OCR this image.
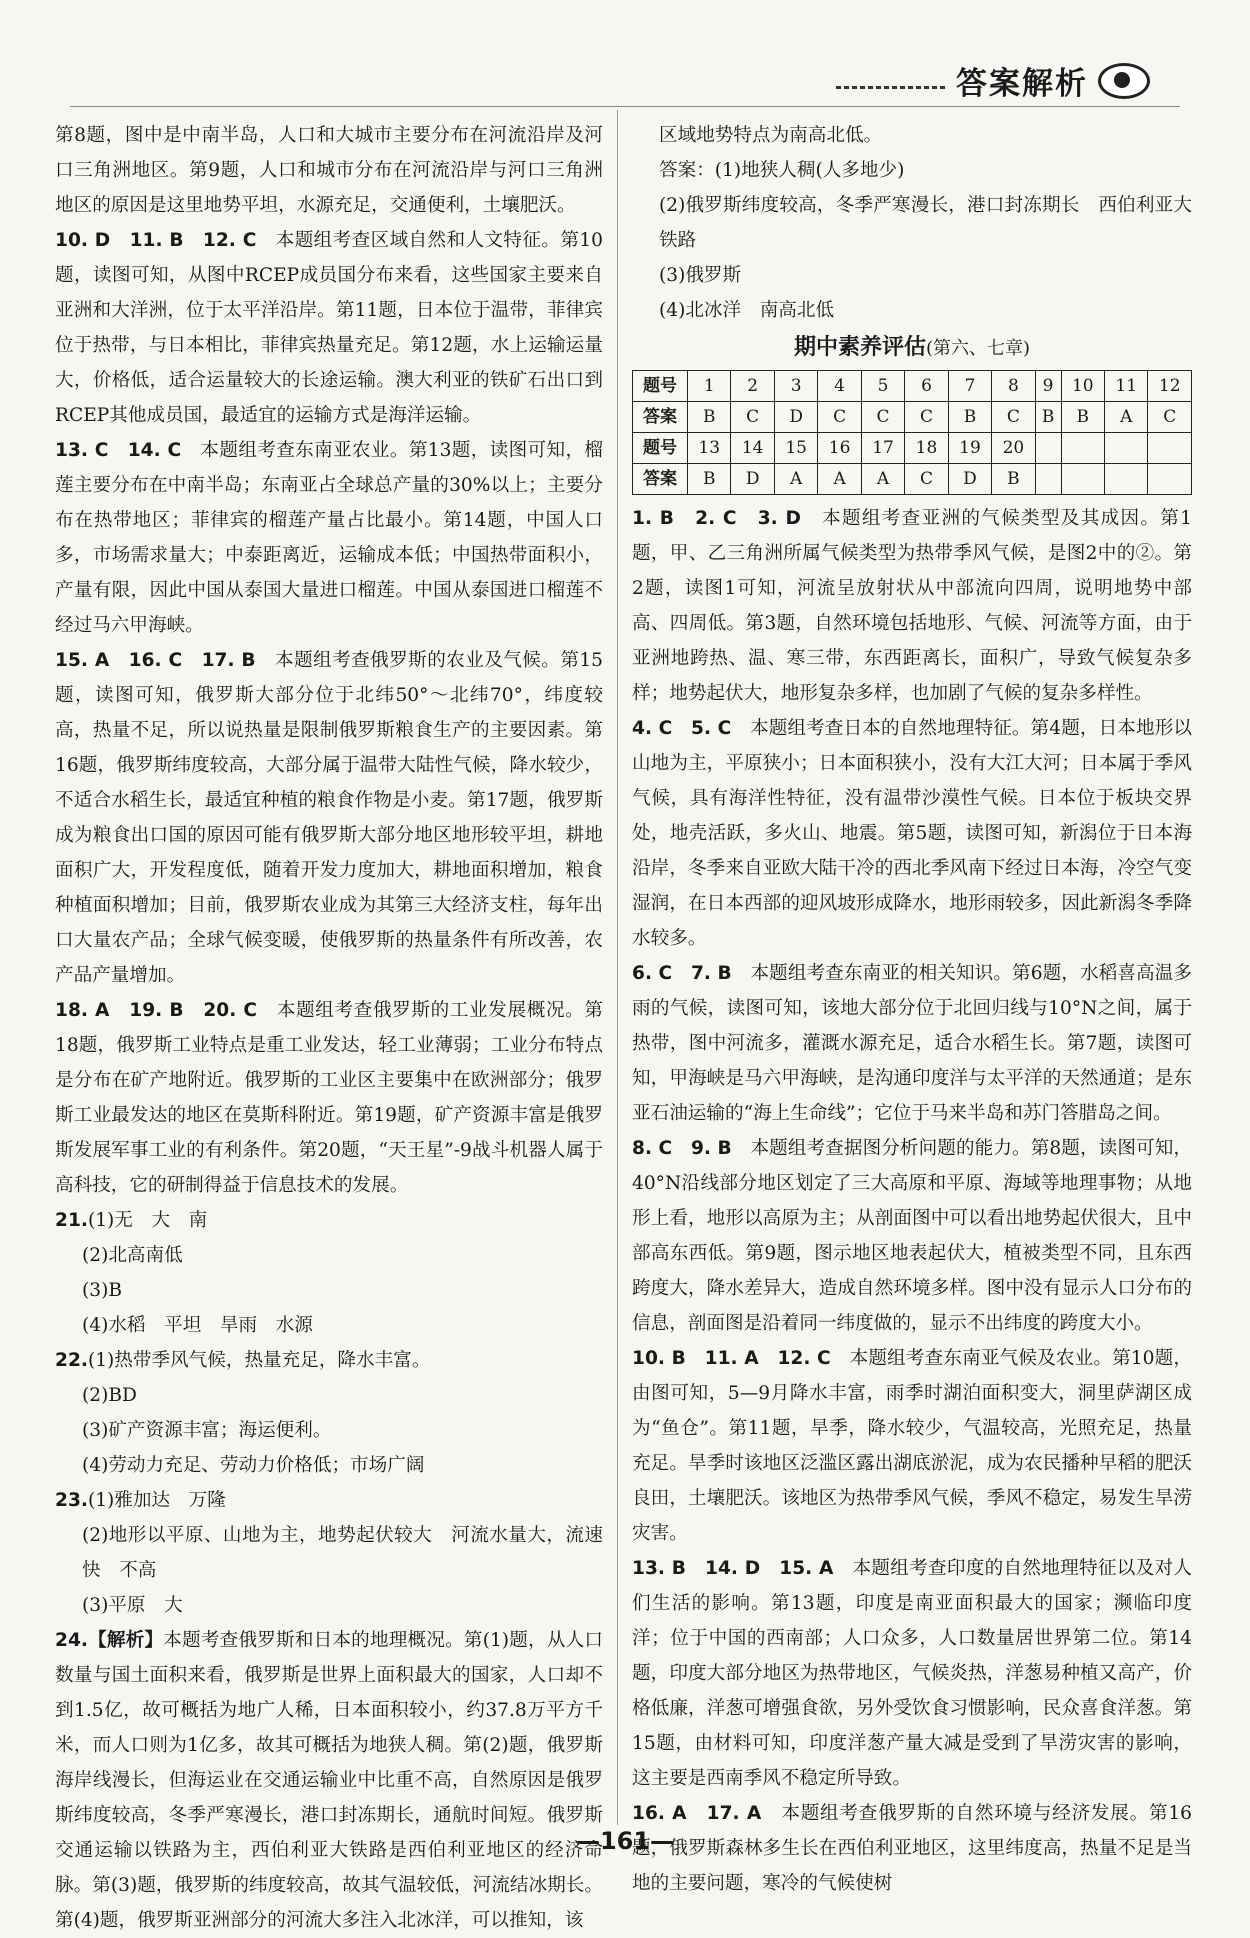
答案解析

第8题，图中是中南半岛，人口和大城市主要分布在河流沿岸及河口三角洲地区。第9题，人口和城市分布在河流沿岸与河口三角洲地区的原因是这里地势平坦，水源充足，交通便利，土壤肥沃。

10. D　11. B　12. C　本题组考查区域自然和人文特征。第10题，读图可知，从图中RCEP成员国分布来看，这些国家主要来自亚洲和大洋洲，位于太平洋沿岸。第11题，日本位于温带，菲律宾位于热带，与日本相比，菲律宾热量充足。第12题，水上运输运量大，价格低，适合运量较大的长途运输。澳大利亚的铁矿石出口到RCEP其他成员国，最适宜的运输方式是海洋运输。

13. C　14. C　本题组考查东南亚农业。第13题，读图可知，榴莲主要分布在中南半岛；东南亚占全球总产量的30%以上；主要分布在热带地区；菲律宾的榴莲产量占比最小。第14题，中国人口多，市场需求量大；中泰距离近，运输成本低；中国热带面积小，产量有限，因此中国从泰国大量进口榴莲。中国从泰国进口榴莲不经过马六甲海峡。

15. A　16. C　17. B　本题组考查俄罗斯的农业及气候。第15题，读图可知，俄罗斯大部分位于北纬50°～北纬70°，纬度较高，热量不足，所以说热量是限制俄罗斯粮食生产的主要因素。第16题，俄罗斯纬度较高，大部分属于温带大陆性气候，降水较少，不适合水稻生长，最适宜种植的粮食作物是小麦。第17题，俄罗斯成为粮食出口国的原因可能有俄罗斯大部分地区地形较平坦，耕地面积广大，开发程度低，随着开发力度加大，耕地面积增加，粮食种植面积增加；目前，俄罗斯农业成为其第三大经济支柱，每年出口大量农产品；全球气候变暖，使俄罗斯的热量条件有所改善，农产品产量增加。

18. A　19. B　20. C　本题组考查俄罗斯的工业发展概况。第18题，俄罗斯工业特点是重工业发达，轻工业薄弱；工业分布特点是分布在矿产地附近。俄罗斯的工业区主要集中在欧洲部分；俄罗斯工业最发达的地区在莫斯科附近。第19题，矿产资源丰富是俄罗斯发展军事工业的有利条件。第20题，“天王星”-9战斗机器人属于高科技，它的研制得益于信息技术的发展。

21.(1)无　大　南

(2)北高南低

(3)B

(4)水稻　平坦　旱雨　水源

22.(1)热带季风气候，热量充足，降水丰富。

(2)BD

(3)矿产资源丰富；海运便利。

(4)劳动力充足、劳动力价格低；市场广阔

23.(1)雅加达　万隆

(2)地形以平原、山地为主，地势起伏较大　河流水量大，流速快　不高

(3)平原　大

24.【解析】本题考查俄罗斯和日本的地理概况。第(1)题，从人口数量与国土面积来看，俄罗斯是世界上面积最大的国家，人口却不到1.5亿，故可概括为地广人稀，日本面积较小，约37.8万平方千米，而人口则为1亿多，故其可概括为地狭人稠。第(2)题，俄罗斯海岸线漫长，但海运业在交通运输业中比重不高，自然原因是俄罗斯纬度较高，冬季严寒漫长，港口封冻期长，通航时间短。俄罗斯交通运输以铁路为主，西伯利亚大铁路是西伯利亚地区的经济命脉。第(3)题，俄罗斯的纬度较高，故其气温较低，河流结冰期长。第(4)题，俄罗斯亚洲部分的河流大多注入北冰洋，可以推知，该

区域地势特点为南高北低。

答案：(1)地狭人稠(人多地少)

(2)俄罗斯纬度较高，冬季严寒漫长，港口封冻期长　西伯利亚大铁路

(3)俄罗斯

(4)北冰洋　南高北低

期中素养评估(第六、七章)
题号	1	2	3	4	5	6	7	8	9	10	11	12
答案	B	C	D	C	C	C	B	C	B	B	A	C
题号	13	14	15	16	17	18	19	20				
答案	B	D	A	A	A	C	D	B				

1. B　2. C　3. D　本题组考查亚洲的气候类型及其成因。第1题，甲、乙三角洲所属气候类型为热带季风气候，是图2中的②。第2题，读图1可知，河流呈放射状从中部流向四周，说明地势中部高、四周低。第3题，自然环境包括地形、气候、河流等方面，由于亚洲地跨热、温、寒三带，东西距离长，面积广，导致气候复杂多样；地势起伏大，地形复杂多样，也加剧了气候的复杂多样性。

4. C　5. C　本题组考查日本的自然地理特征。第4题，日本地形以山地为主，平原狭小；日本面积狭小，没有大江大河；日本属于季风气候，具有海洋性特征，没有温带沙漠性气候。日本位于板块交界处，地壳活跃，多火山、地震。第5题，读图可知，新潟位于日本海沿岸，冬季来自亚欧大陆干冷的西北季风南下经过日本海，冷空气变湿润，在日本西部的迎风坡形成降水，地形雨较多，因此新潟冬季降水较多。

6. C　7. B　本题组考查东南亚的相关知识。第6题，水稻喜高温多雨的气候，读图可知，该地大部分位于北回归线与10°N之间，属于热带，图中河流多，灌溉水源充足，适合水稻生长。第7题，读图可知，甲海峡是马六甲海峡，是沟通印度洋与太平洋的天然通道；是东亚石油运输的“海上生命线”；它位于马来半岛和苏门答腊岛之间。

8. C　9. B　本题组考查据图分析问题的能力。第8题，读图可知，40°N沿线部分地区划定了三大高原和平原、海域等地理事物；从地形上看，地形以高原为主；从剖面图中可以看出地势起伏很大，且中部高东西低。第9题，图示地区地表起伏大，植被类型不同，且东西跨度大，降水差异大，造成自然环境多样。图中没有显示人口分布的信息，剖面图是沿着同一纬度做的，显示不出纬度的跨度大小。

10. B　11. A　12. C　本题组考查东南亚气候及农业。第10题，由图可知，5—9月降水丰富，雨季时湖泊面积变大，洞里萨湖区成为“鱼仓”。第11题，旱季，降水较少，气温较高，光照充足，热量充足。旱季时该地区泛滥区露出湖底淤泥，成为农民播种早稻的肥沃良田，土壤肥沃。该地区为热带季风气候，季风不稳定，易发生旱涝灾害。

13. B　14. D　15. A　本题组考查印度的自然地理特征以及对人们生活的影响。第13题，印度是南亚面积最大的国家；濒临印度洋；位于中国的西南部；人口众多，人口数量居世界第二位。第14题，印度大部分地区为热带地区，气候炎热，洋葱易种植又高产，价格低廉，洋葱可增强食欲，另外受饮食习惯影响，民众喜食洋葱。第15题，由材料可知，印度洋葱产量大减是受到了旱涝灾害的影响，这主要是西南季风不稳定所导致。

16. A　17. A　本题组考查俄罗斯的自然环境与经济发展。第16题，俄罗斯森林多生长在西伯利亚地区，这里纬度高，热量不足是当地的主要问题，寒冷的气候使树

—161—
